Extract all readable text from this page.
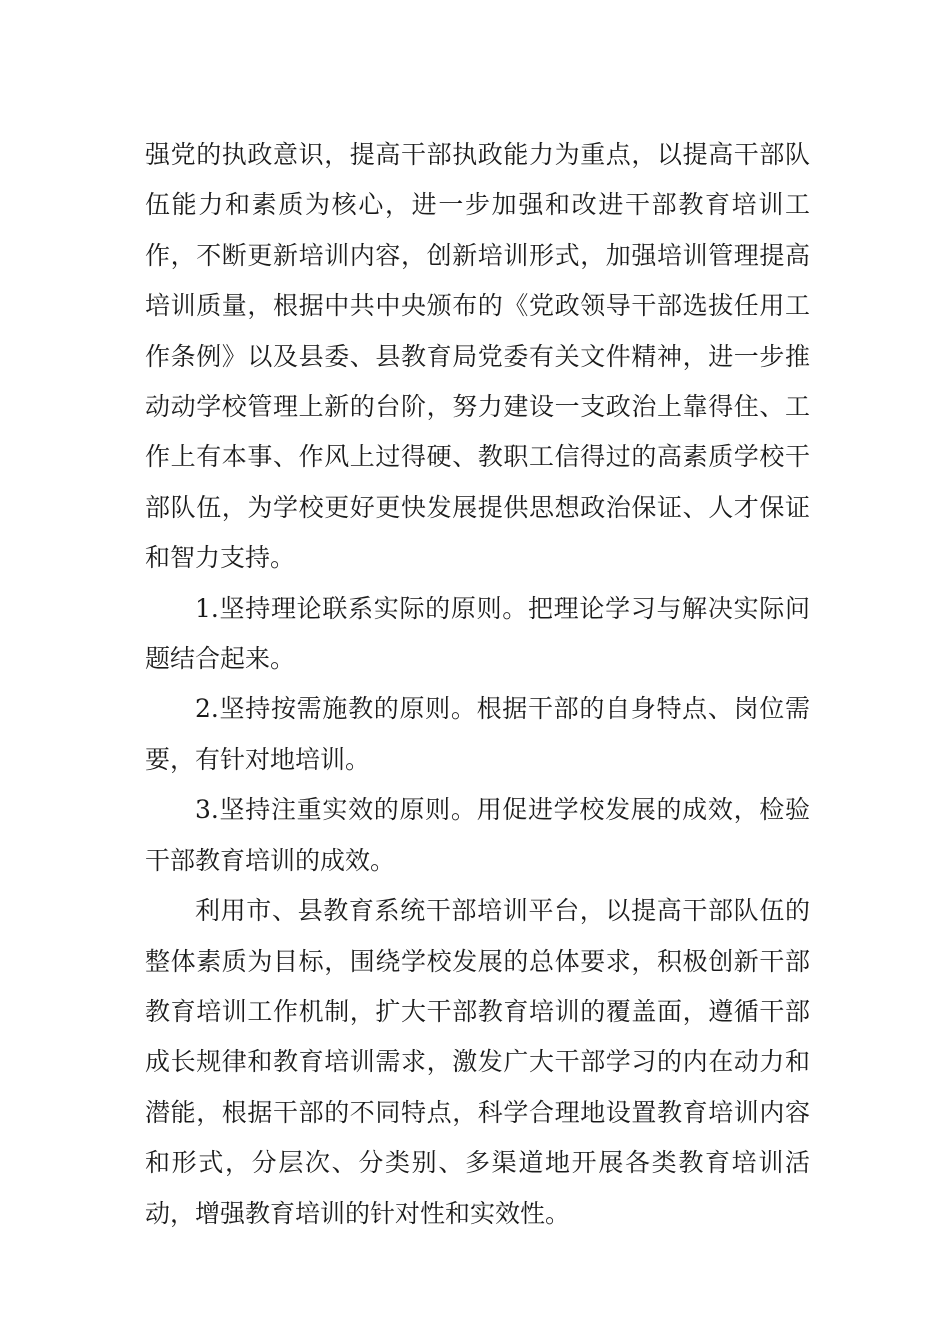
强党的执政意识，提高干部执政能力为重点，以提高干部队伍能力和素质为核心，进一步加强和改进干部教育培训工作，不断更新培训内容，创新培训形式，加强培训管理提高培训质量，根据中共中央颁布的《党政领导干部选拔任用工作条例》以及县委、县教育局党委有关文件精神，进一步推动动学校管理上新的台阶，努力建设一支政治上靠得住、工作上有本事、作风上过得硬、教职工信得过的高素质学校干部队伍，为学校更好更快发展提供思想政治保证、人才保证和智力支持。

1.坚持理论联系实际的原则。把理论学习与解决实际问题结合起来。

2.坚持按需施教的原则。根据干部的自身特点、岗位需要，有针对地培训。

3.坚持注重实效的原则。用促进学校发展的成效，检验干部教育培训的成效。

利用市、县教育系统干部培训平台，以提高干部队伍的整体素质为目标，围绕学校发展的总体要求，积极创新干部教育培训工作机制，扩大干部教育培训的覆盖面，遵循干部成长规律和教育培训需求，激发广大干部学习的内在动力和潜能，根据干部的不同特点，科学合理地设置教育培训内容和形式，分层次、分类别、多渠道地开展各类教育培训活动，增强教育培训的针对性和实效性。
